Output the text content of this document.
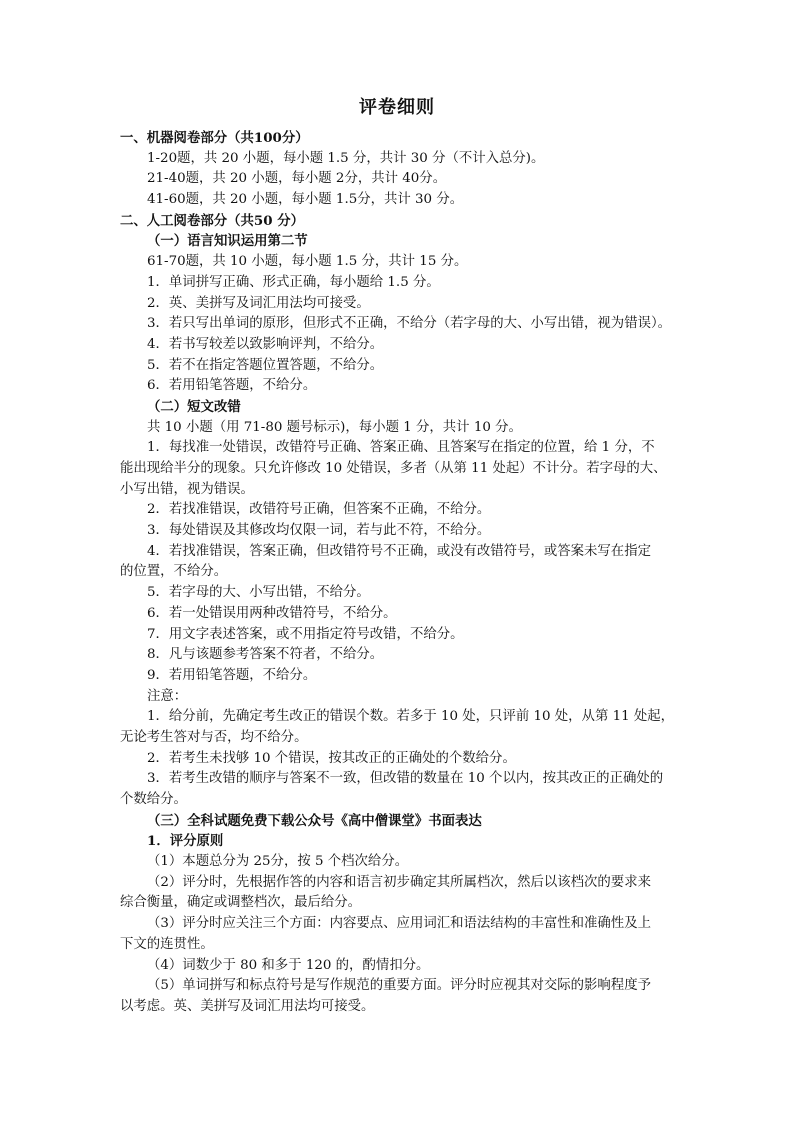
评卷细则
一、机器阅卷部分（共100分）
1-20题，共 20 小题，每小题 1.5 分，共计 30 分（不计入总分)。
21-40题，共 20 小题，每小题 2分，共计 40分。
41-60题，共 20 小题，每小题 1.5分，共计 30 分。
二、人工阅卷部分（共50 分）
（一）语言知识运用第二节
61-70题，共 10 小题，每小题 1.5 分，共计 15 分。
1．单词拼写正确、形式正确，每小题给 1.5 分。
2．英、美拼写及词汇用法均可接受。
3．若只写出单词的原形，但形式不正确，不给分（若字母的大、小写出错，视为错误）。
4．若书写较差以致影响评判，不给分。
5．若不在指定答题位置答题，不给分。
6．若用铅笔答题，不给分。
（二）短文改错
共 10 小题（用 71-80 题号标示)，每小题 1 分，共计 10 分。
1．每找准一处错误，改错符号正确、答案正确、且答案写在指定的位置，给 1 分，不
能出现给半分的现象。只允许修改 10 处错误，多者（从第 11 处起）不计分。若字母的大、
小写出错，视为错误。
2．若找准错误，改错符号正确，但答案不正确，不给分。
3．每处错误及其修改均仅限一词，若与此不符，不给分。
4．若找准错误，答案正确，但改错符号不正确，或没有改错符号，或答案未写在指定
的位置，不给分。
5．若字母的大、小写出错，不给分。
6．若一处错误用两种改错符号，不给分。
7．用文字表述答案，或不用指定符号改错，不给分。
8．凡与该题参考答案不符者，不给分。
9．若用铅笔答题，不给分。
注意：
1．给分前，先确定考生改正的错误个数。若多于 10 处，只评前 10 处，从第 11 处起，
无论考生答对与否，均不给分。
2．若考生未找够 10 个错误，按其改正的正确处的个数给分。
3．若考生改错的顺序与答案不一致，但改错的数量在 10 个以内，按其改正的正确处的
个数给分。
（三）全科试题免费下载公众号《高中僧课堂》书面表达
1．评分原则
（1）本题总分为 25分，按 5 个档次给分。
（2）评分时，先根据作答的内容和语言初步确定其所属档次，然后以该档次的要求来
综合衡量，确定或调整档次，最后给分。
（3）评分时应关注三个方面：内容要点、应用词汇和语法结构的丰富性和准确性及上
下文的连贯性。
（4）词数少于 80 和多于 120 的，酌情扣分。
（5）单词拼写和标点符号是写作规范的重要方面。评分时应视其对交际的影响程度予
以考虑。英、美拼写及词汇用法均可接受。
